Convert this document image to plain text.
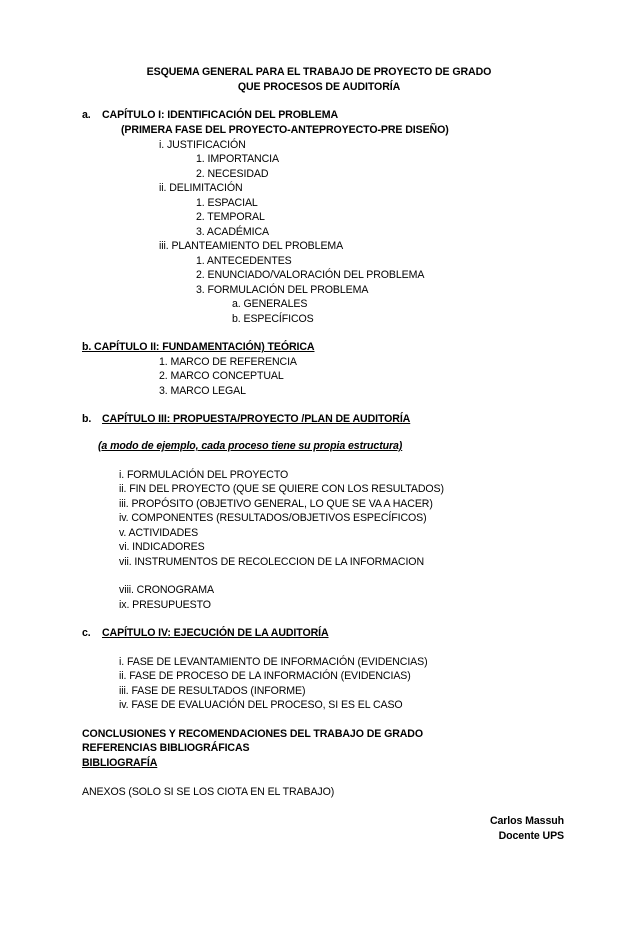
ESQUEMA GENERAL PARA EL TRABAJO DE PROYECTO DE GRADO
QUE PROCESOS DE AUDITORÍA
a. CAPÍTULO I: IDENTIFICACIÓN DEL PROBLEMA
(PRIMERA FASE DEL PROYECTO-ANTEPROYECTO-PRE DISEÑO)
i. JUSTIFICACIÓN
1. IMPORTANCIA
2. NECESIDAD
ii. DELIMITACIÓN
1. ESPACIAL
2. TEMPORAL
3. ACADÉMICA
iii. PLANTEAMIENTO DEL PROBLEMA
1. ANTECEDENTES
2. ENUNCIADO/VALORACIÓN DEL PROBLEMA
3. FORMULACIÓN DEL PROBLEMA
a. GENERALES
b. ESPECÍFICOS
b. CAPÍTULO II: FUNDAMENTACIÓN) TEÓRICA
1. MARCO DE REFERENCIA
2. MARCO CONCEPTUAL
3. MARCO LEGAL
b. CAPÍTULO III: PROPUESTA/PROYECTO /PLAN DE AUDITORÍA
(a modo de ejemplo, cada proceso tiene su propia estructura)
i. FORMULACIÓN DEL PROYECTO
ii. FIN DEL PROYECTO (QUE SE QUIERE CON LOS RESULTADOS)
iii. PROPÓSITO (OBJETIVO GENERAL, LO QUE SE VA A HACER)
iv. COMPONENTES (RESULTADOS/OBJETIVOS ESPECÍFICOS)
v. ACTIVIDADES
vi. INDICADORES
vii. INSTRUMENTOS DE RECOLECCION DE LA INFORMACION
viii. CRONOGRAMA
ix. PRESUPUESTO
c. CAPÍTULO IV: EJECUCIÓN DE LA AUDITORÍA
i. FASE DE LEVANTAMIENTO DE INFORMACIÓN (EVIDENCIAS)
ii. FASE DE PROCESO DE LA INFORMACIÓN (EVIDENCIAS)
iii. FASE DE RESULTADOS (INFORME)
iv. FASE DE EVALUACIÓN DEL PROCESO, SI ES EL CASO
CONCLUSIONES Y RECOMENDACIONES DEL TRABAJO DE GRADO
REFERENCIAS BIBLIOGRÁFICAS
BIBLIOGRAFÍA
ANEXOS (SOLO SI SE LOS CIOTA EN EL TRABAJO)
Carlos Massuh
Docente UPS
